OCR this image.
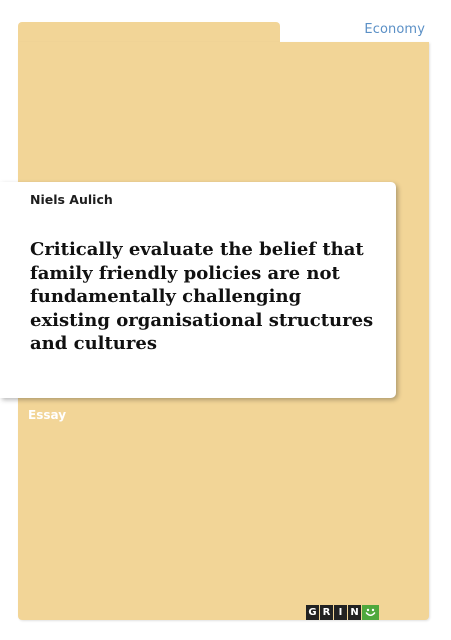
Economy
Niels Aulich
Critically evaluate the belief that family friendly policies are not fundamentally challenging existing organisational structures and cultures
Essay
G R I N
